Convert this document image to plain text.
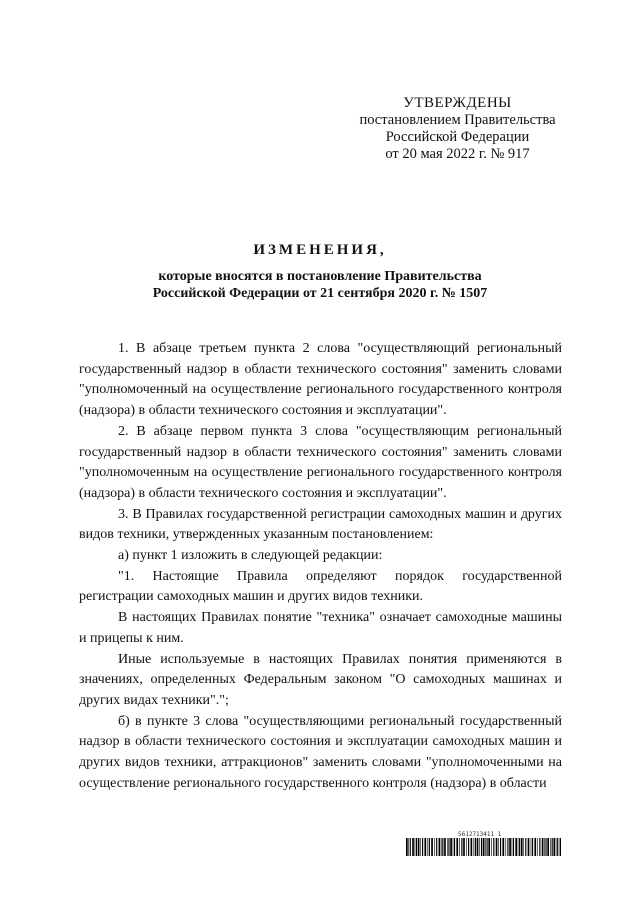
УТВЕРЖДЕНЫ
постановлением Правительства
Российской Федерации
от 20 мая 2022 г. № 917
ИЗМЕНЕНИЯ,
которые вносятся в постановление Правительства
Российской Федерации от 21 сентября 2020 г. № 1507

1. В абзаце третьем пункта 2 слова "осуществляющий региональный государственный надзор в области технического состояния" заменить словами "уполномоченный на осуществление регионального государственного контроля (надзора) в области технического состояния и эксплуатации".

2. В абзаце первом пункта 3 слова "осуществляющим региональный государственный надзор в области технического состояния" заменить словами "уполномоченным на осуществление регионального государственного контроля (надзора) в области технического состояния и эксплуатации".

3. В Правилах государственной регистрации самоходных машин и других видов техники, утвержденных указанным постановлением:

а) пункт 1 изложить в следующей редакции:

"1. Настоящие Правила определяют порядок государственной регистрации самоходных машин и других видов техники.

В настоящих Правилах понятие "техника" означает самоходные машины и прицепы к ним.

Иные используемые в настоящих Правилах понятия применяются в значениях, определенных Федеральным законом "О самоходных машинах и других видах техники".";

б) в пункте 3 слова "осуществляющими региональный государственный надзор в области технического состояния и эксплуатации самоходных машин и других видов техники, аттракционов" заменить словами "уполномоченными на осуществление регионального государственного контроля (надзора) в области

5612713411 1
